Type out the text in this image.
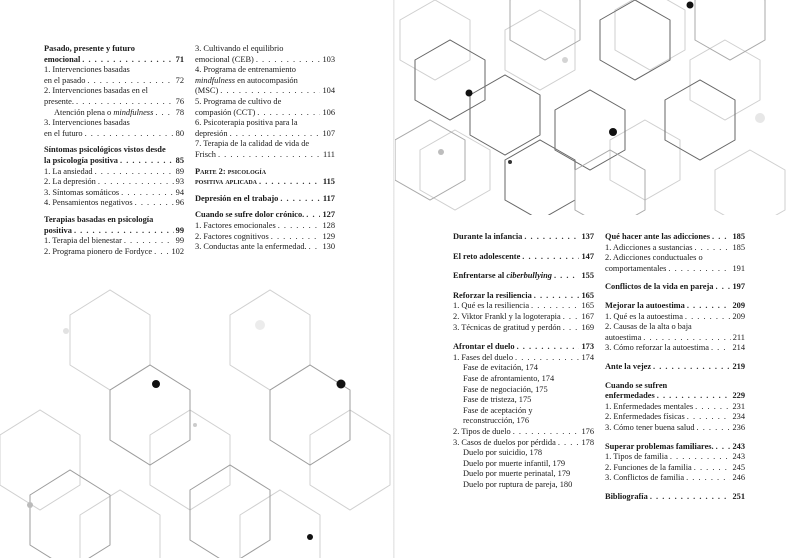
Pasado, presente y futuro
emocional . . .	71
1. Intervenciones basadas
en el pasado . . .	72
2. Intervenciones basadas en el
presente. . . .	76
Atención plena o mindfulness . . .	78
3. Intervenciones basadas
en el futuro . . .	80
Síntomas psicológicos vistos desde
la psicología positiva . . .	85
1. La ansiedad . . .	89
2. La depresión . . .	93
3. Síntomas somáticos . . .	94
4. Pensamientos negativos . . .	96
Terapias basadas en psicología
positiva . . .	99
1. Terapia del bienestar . . .	99
2. Programa pionero de Fordyce . . . 102
3. Cultivando el equilibrio
emocional (CEB) . . .	103
4. Programa de entrenamiento
mindfulness en autocompasión
(MSC) . . .	104
5. Programa de cultivo de
compasión (CCT) . . .	106
6. Psicoterapia positiva para la
depresión . . .	107
7. Terapia de la calidad de vida de
Frisch . . .	111
Parte 2: psicología
positiva aplicada . . .	115
Depresión en el trabajo . . .	117
Cuando se sufre dolor crónico. . . . 127
1. Factores emocionales . . .	128
2. Factores cognitivos . . .	129
3. Conductas ante la enfermedad. . . . 130
Durante la infancia . . .	137
El reto adolescente . . .	147
Enfrentarse al ciberbullying . . .	155
Reforzar la resiliencia . . .	165
1. Qué es la resiliencia . . .	165
2. Viktor Frankl y la logoterapia . . . 167
3. Técnicas de gratitud y perdón . . . 169
Afrontar el duelo . . .	173
1. Fases del duelo . . .	174
Fase de evitación, 174
Fase de afrontamiento, 174
Fase de negociación, 175
Fase de tristeza, 175
Fase de aceptación y
reconstrucción, 176
2. Tipos de duelo . . .	176
3. Casos de duelos por pérdida . . .	178
Duelo por suicidio, 178
Duelo por muerte infantil, 179
Duelo por muerte perinatal, 179
Duelo por ruptura de pareja, 180
Qué hacer ante las adicciones . . .	185
1. Adicciones a sustancias . . .	185
2. Adicciones conductuales o
comportamentales . . .	191
Conflictos de la vida en pareja . . . 197
Mejorar la autoestima . . .	209
1. Qué es la autoestima . . .	209
2. Causas de la alta o baja
autoestima . . .	211
3. Cómo reforzar la autoestima . . .	214
Ante la vejez . . .	219
Cuando se sufren
enfermedades . . .	229
1. Enfermedades mentales . . .	231
2. Enfermedades físicas . . .	234
3. Cómo tener buena salud . . .	236
Superar problemas familiares. . . . 243
1. Tipos de familia . . .	243
2. Funciones de la familia . . .	245
3. Conflictos de familia . . .	246
Bibliografía . . .	251
